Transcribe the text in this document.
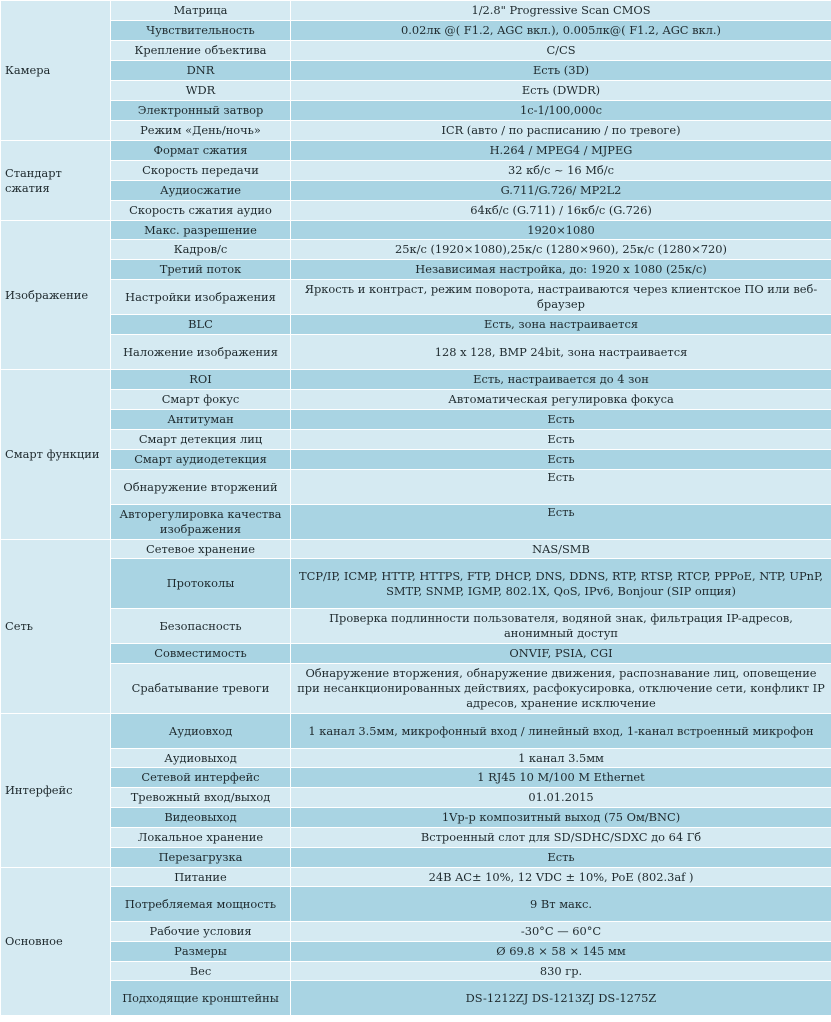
Камера	Матрица	1/2.8" Progressive Scan CMOS
	Чувствительность	0.02лк @( F1.2, AGC вкл.), 0.005лк@( F1.2, AGC вкл.)
	Крепление объектива	C/CS
	DNR	Есть (3D)
	WDR	Есть (DWDR)
	Электронный затвор	1с-1/100,000с
	Режим «День/ночь»	ICR (авто / по расписанию / по тревоге)
Стандарт сжатия	Формат сжатия	H.264 / MPEG4 / MJPEG
	Скорость передачи	32 кб/с ~ 16 Мб/с
	Аудиосжатие	G.711/G.726/ MP2L2
	Скорость сжатия аудио	64кб/с (G.711) / 16кб/с (G.726)
Изображение	Макс. разрешение	1920×1080
	Кадров/с	25к/с (1920×1080),25к/с (1280×960), 25к/с (1280×720)
	Третий поток	Независимая настройка, до: 1920 х 1080 (25к/с)
	Настройки изображения	Яркость и контраст, режим поворота, настраиваются через клиентское ПО или веб-браузер
	BLC	Есть, зона настраивается
	Наложение изображения	128 x 128, BMP 24bit, зона настраивается
Смарт функции	ROI	Есть, настраивается до 4 зон
	Смарт фокус	Автоматическая регулировка фокуса
	Антитуман	Есть
	Смарт детекция лиц	Есть
	Смарт аудиодетекция	Есть
	Обнаружение вторжений	Есть
	Авторегулировка качества изображения	Есть
Сеть	Сетевое хранение	NAS/SMB
	Протоколы	TCP/IP, ICMP, HTTP, HTTPS, FTP, DHCP, DNS, DDNS, RTP, RTSP, RTCP, PPPoE, NTP, UPnP, SMTP, SNMP, IGMP, 802.1X, QoS, IPv6, Bonjour (SIP опция)
	Безопасность	Проверка подлинности пользователя, водяной знак, фильтрация IP-адресов, анонимный доступ
	Совместимость	ONVIF, PSIA, CGI
	Срабатывание тревоги	Обнаружение вторжения, обнаружение движения, распознавание лиц, оповещение при несанкционированных действиях, расфокусировка, отключение сети, конфликт IP адресов, хранение исключение
Интерфейс	Аудиовход	1 канал 3.5мм, микрофонный вход / линейный вход, 1-канал встроенный микрофон
	Аудиовыход	1 канал 3.5мм
	Сетевой интерфейс	1 RJ45 10 M/100 M Ethernet
	Тревожный вход/выход	01.01.2015
	Видеовыход	1Vp-p композитный выход (75 Ом/BNC)
	Локальное хранение	Встроенный слот для SD/SDHC/SDXC до 64 Гб
	Перезагрузка	Есть
Основное	Питание	24В AC± 10%, 12 VDC ± 10%, PoE (802.3af )
	Потребляемая мощность	9 Вт макс.
	Рабочие условия	-30°C — 60°C
	Размеры	Ø 69.8 × 58 × 145 мм
	Вес	830 гр.
	Подходящие кронштейны	DS-1212ZJ DS-1213ZJ DS-1275Z
